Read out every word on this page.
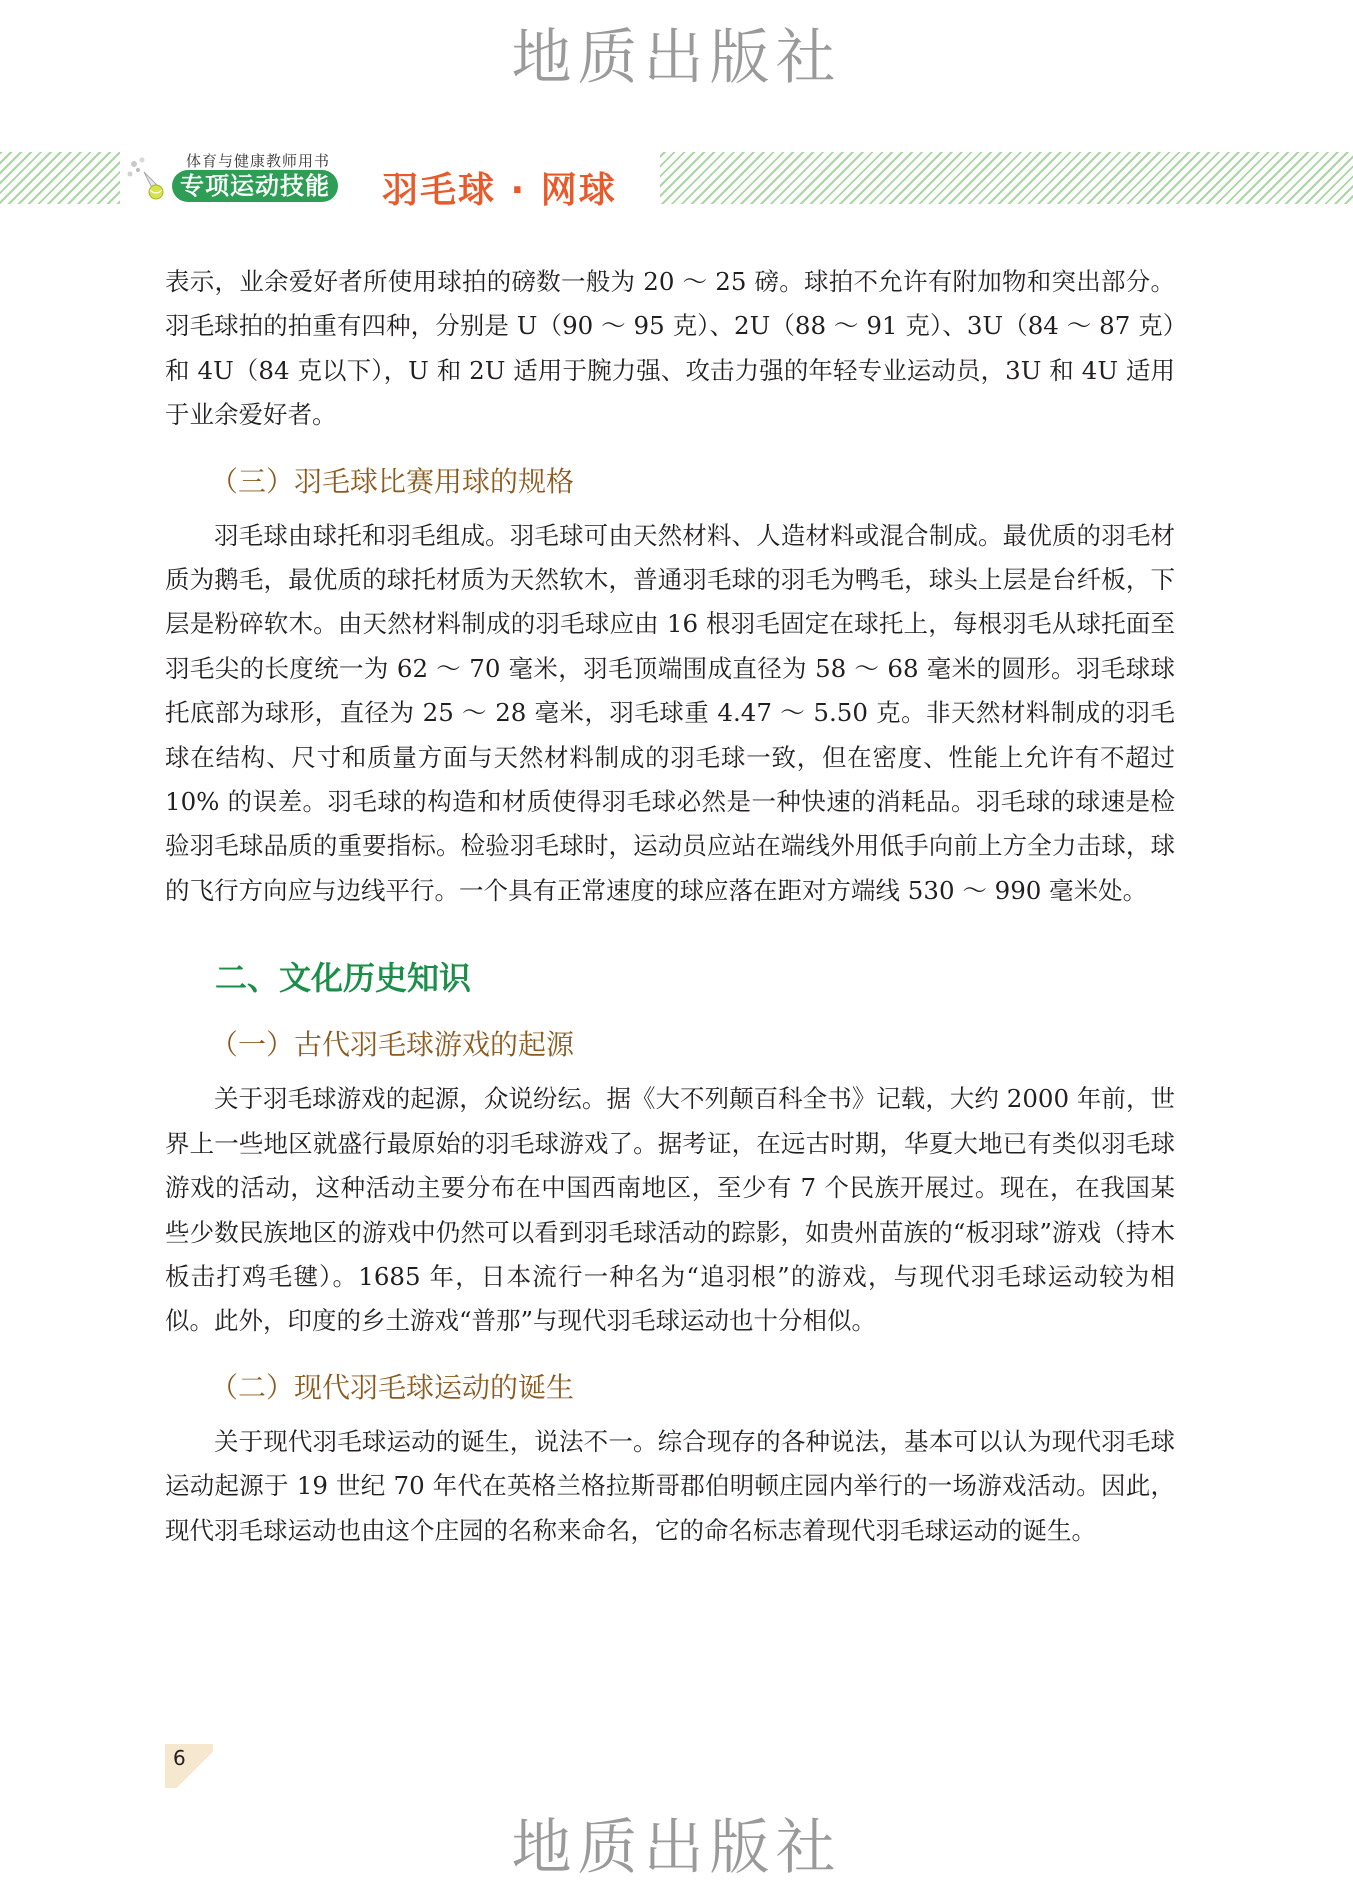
地质出版社
体育与健康教师用书
专项运动技能 羽毛球 · 网球

表示，业余爱好者所使用球拍的磅数一般为 20 ～ 25 磅。球拍不允许有附加物和突出部分。羽毛球拍的拍重有四种，分别是 U（90 ～ 95 克）、2U（88 ～ 91 克）、3U（84 ～ 87 克）和 4U（84 克以下），U 和 2U 适用于腕力强、攻击力强的年轻专业运动员，3U 和 4U 适用于业余爱好者。

（三）羽毛球比赛用球的规格

羽毛球由球托和羽毛组成。羽毛球可由天然材料、人造材料或混合制成。最优质的羽毛材质为鹅毛，最优质的球托材质为天然软木，普通羽毛球的羽毛为鸭毛，球头上层是台纤板，下层是粉碎软木。由天然材料制成的羽毛球应由 16 根羽毛固定在球托上，每根羽毛从球托面至羽毛尖的长度统一为 62 ～ 70 毫米，羽毛顶端围成直径为 58 ～ 68 毫米的圆形。羽毛球球托底部为球形，直径为 25 ～ 28 毫米，羽毛球重 4.47 ～ 5.50 克。非天然材料制成的羽毛球在结构、尺寸和质量方面与天然材料制成的羽毛球一致，但在密度、性能上允许有不超过 10% 的误差。羽毛球的构造和材质使得羽毛球必然是一种快速的消耗品。羽毛球的球速是检验羽毛球品质的重要指标。检验羽毛球时，运动员应站在端线外用低手向前上方全力击球，球的飞行方向应与边线平行。一个具有正常速度的球应落在距对方端线 530 ～ 990 毫米处。

二、文化历史知识

（一）古代羽毛球游戏的起源

关于羽毛球游戏的起源，众说纷纭。据《大不列颠百科全书》记载，大约 2000 年前，世界上一些地区就盛行最原始的羽毛球游戏了。据考证，在远古时期，华夏大地已有类似羽毛球游戏的活动，这种活动主要分布在中国西南地区，至少有 7 个民族开展过。现在，在我国某些少数民族地区的游戏中仍然可以看到羽毛球活动的踪影，如贵州苗族的“板羽球”游戏（持木板击打鸡毛毽）。1685 年，日本流行一种名为“追羽根”的游戏，与现代羽毛球运动较为相似。此外，印度的乡土游戏“普那”与现代羽毛球运动也十分相似。

（二）现代羽毛球运动的诞生

关于现代羽毛球运动的诞生，说法不一。综合现存的各种说法，基本可以认为现代羽毛球运动起源于 19 世纪 70 年代在英格兰格拉斯哥郡伯明顿庄园内举行的一场游戏活动。因此，现代羽毛球运动也由这个庄园的名称来命名，它的命名标志着现代羽毛球运动的诞生。

6
地质出版社
